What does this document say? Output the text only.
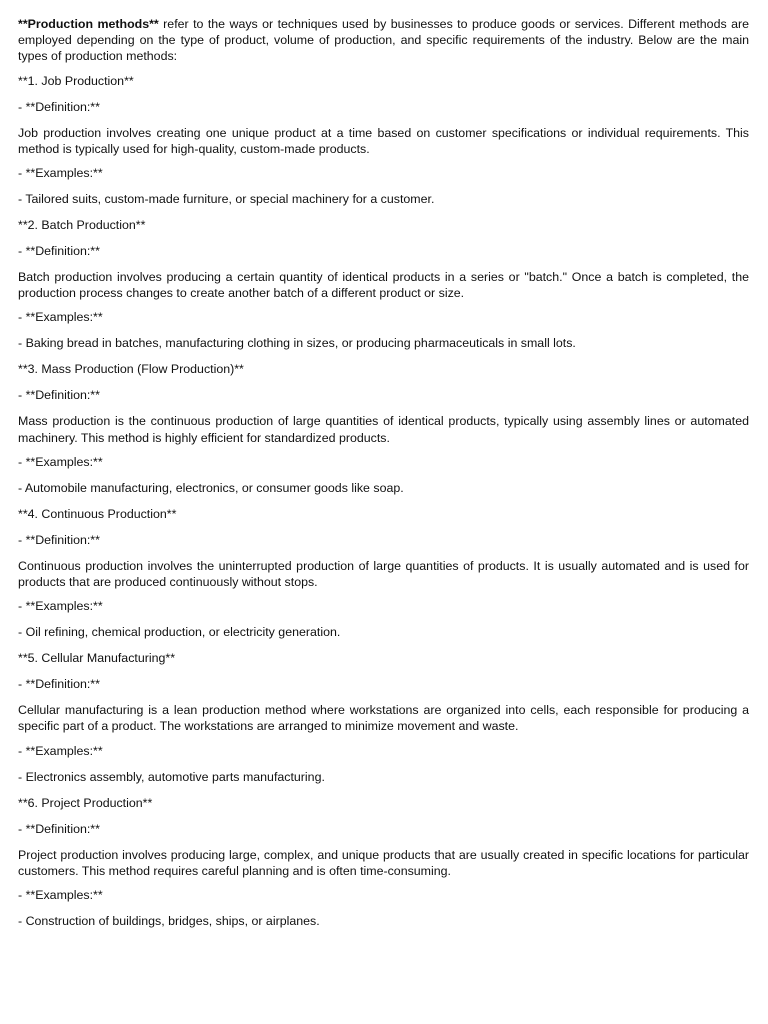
**Production methods** refer to the ways or techniques used by businesses to produce goods or services. Different methods are employed depending on the type of product, volume of production, and specific requirements of the industry. Below are the main types of production methods:

**1. Job Production**

- **Definition:**

Job production involves creating one unique product at a time based on customer specifications or individual requirements. This method is typically used for high-quality, custom-made products.

- **Examples:**

- Tailored suits, custom-made furniture, or special machinery for a customer.

**2. Batch Production**

- **Definition:**

Batch production involves producing a certain quantity of identical products in a series or "batch." Once a batch is completed, the production process changes to create another batch of a different product or size.

- **Examples:**

- Baking bread in batches, manufacturing clothing in sizes, or producing pharmaceuticals in small lots.

**3. Mass Production (Flow Production)**

- **Definition:**

Mass production is the continuous production of large quantities of identical products, typically using assembly lines or automated machinery. This method is highly efficient for standardized products.

- **Examples:**

- Automobile manufacturing, electronics, or consumer goods like soap.

**4. Continuous Production**

- **Definition:**

Continuous production involves the uninterrupted production of large quantities of products. It is usually automated and is used for products that are produced continuously without stops.

- **Examples:**

- Oil refining, chemical production, or electricity generation.

**5. Cellular Manufacturing**

- **Definition:**

Cellular manufacturing is a lean production method where workstations are organized into cells, each responsible for producing a specific part of a product. The workstations are arranged to minimize movement and waste.

- **Examples:**

- Electronics assembly, automotive parts manufacturing.

**6. Project Production**

- **Definition:**

Project production involves producing large, complex, and unique products that are usually created in specific locations for particular customers. This method requires careful planning and is often time-consuming.

- **Examples:**

- Construction of buildings, bridges, ships, or airplanes.
